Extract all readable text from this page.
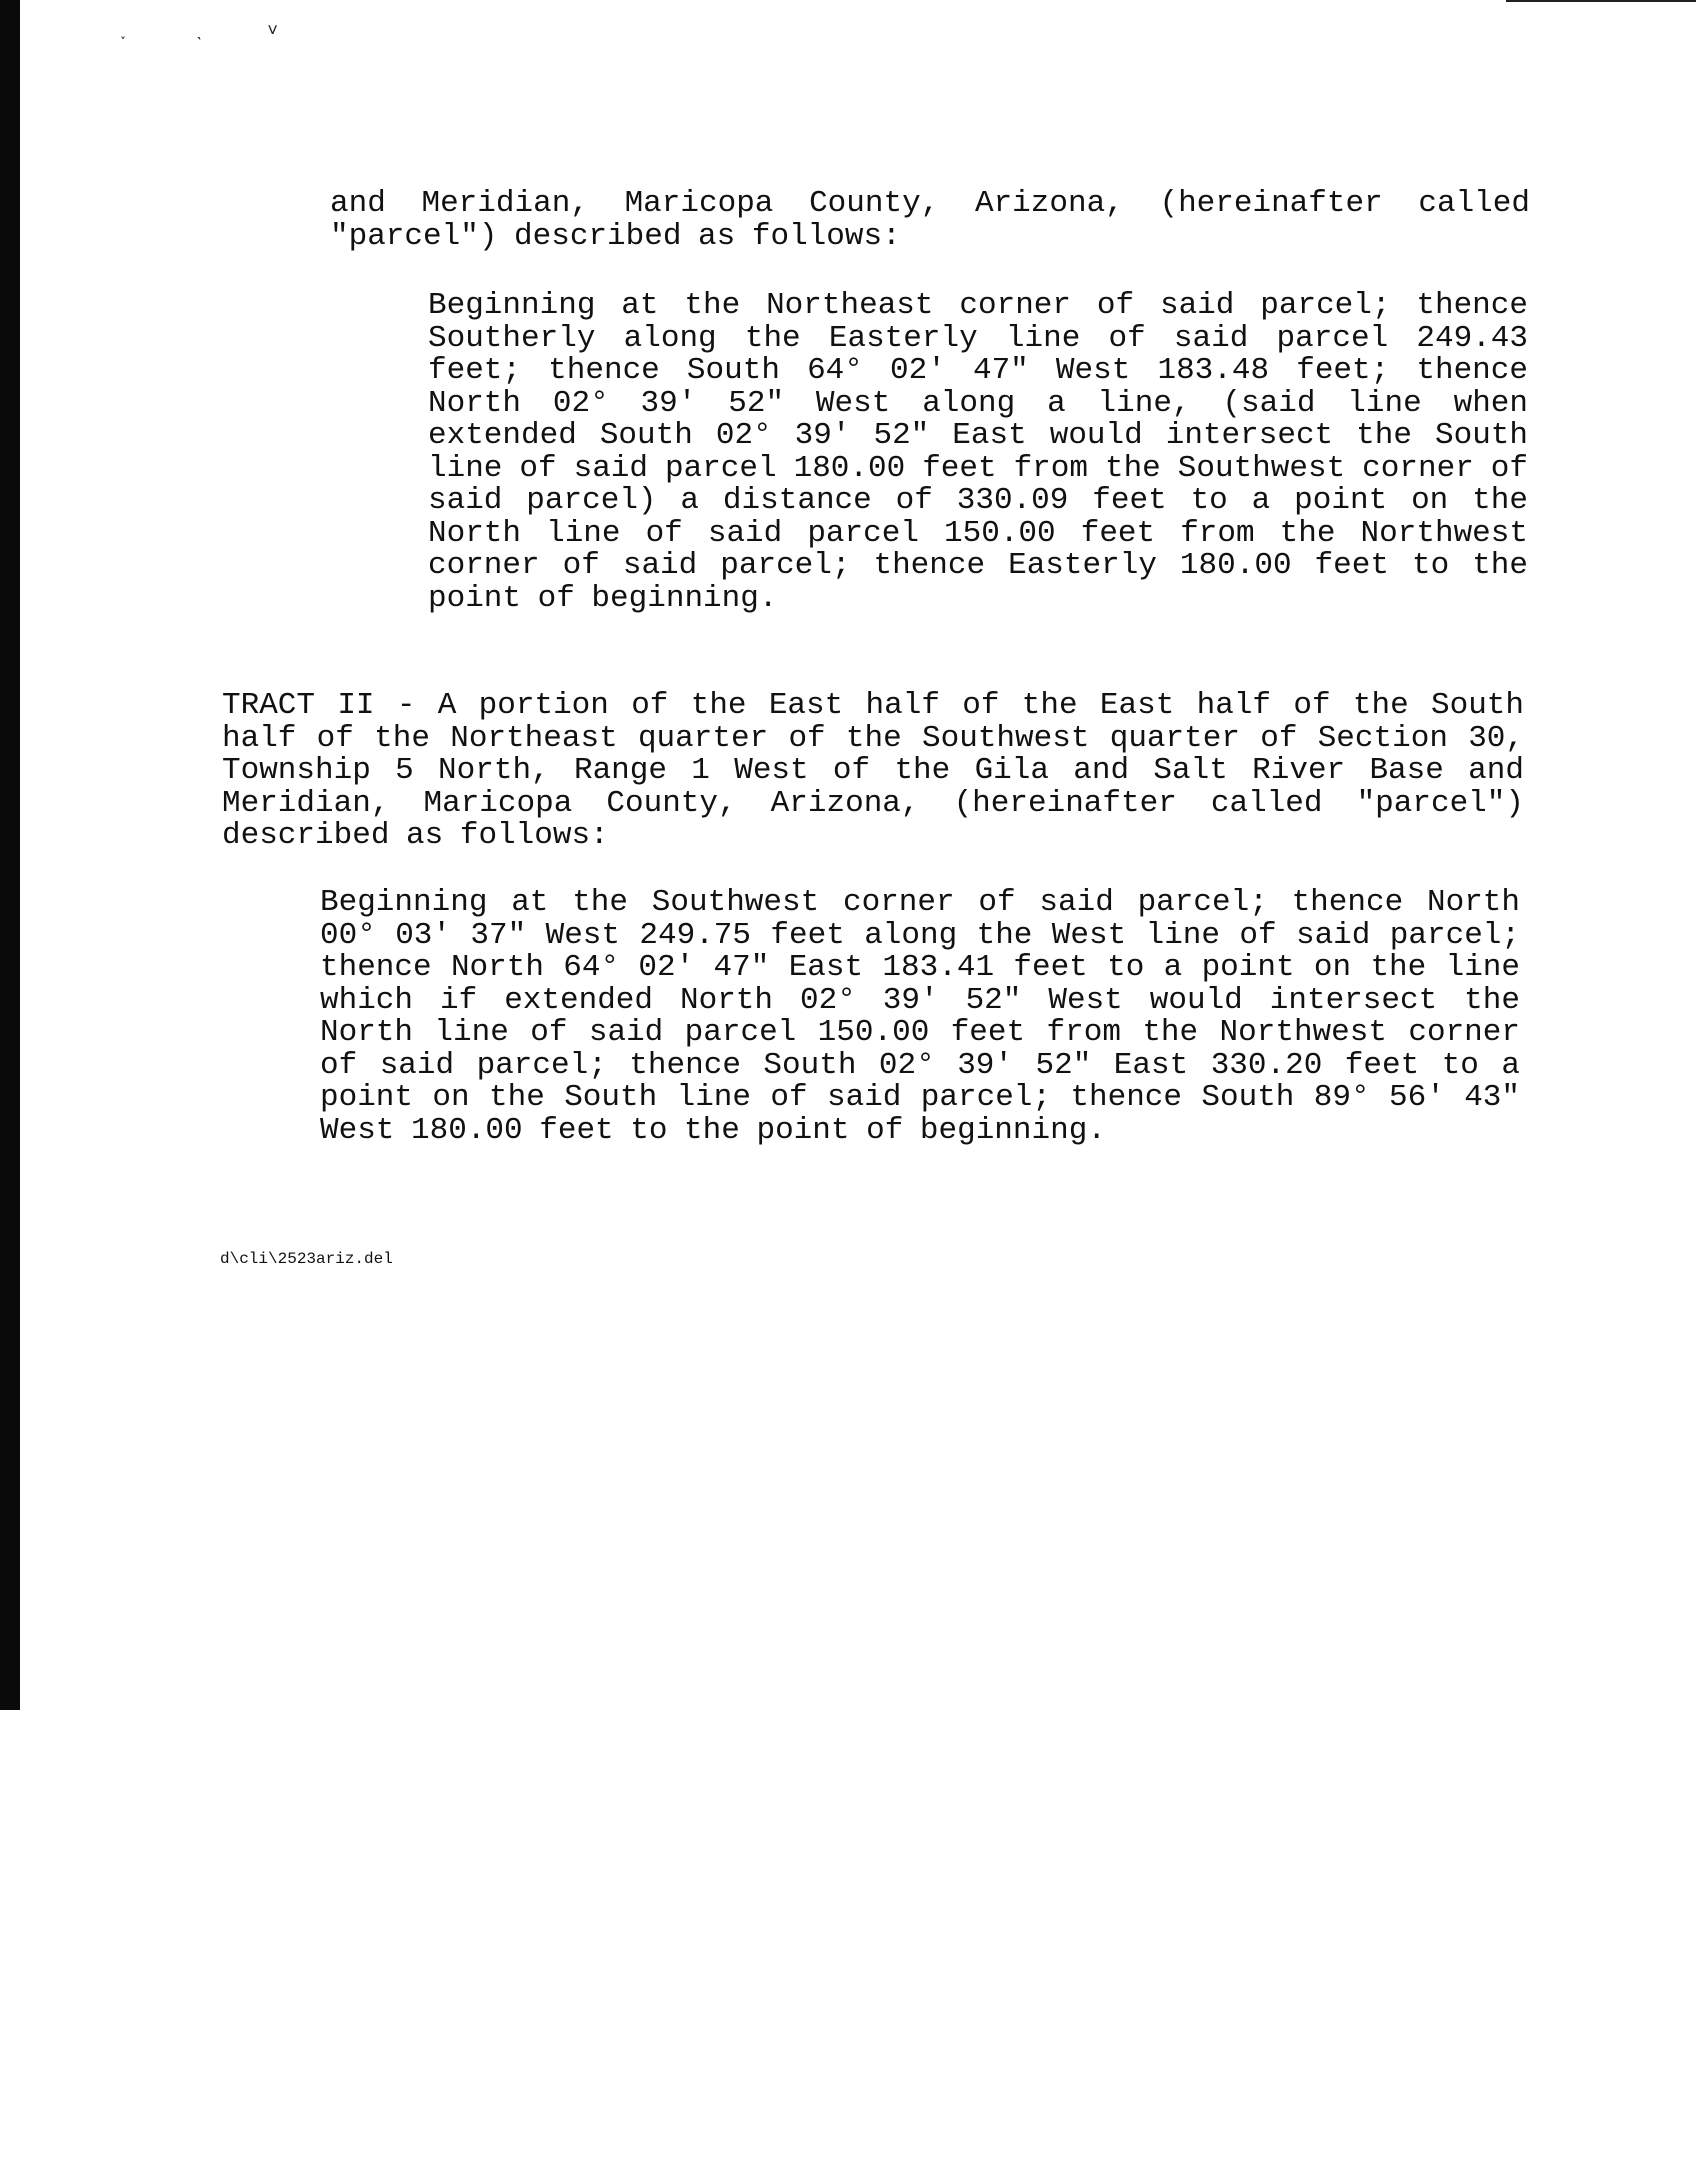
˯ ˎ ˅

and Meridian, Maricopa County, Arizona, (hereinafter called "parcel") described as follows:

Beginning at the Northeast corner of said parcel; thence Southerly along the Easterly line of said parcel 249.43 feet; thence South 64° 02′ 47" West 183.48 feet; thence North 02° 39′ 52" West along a line, (said line when extended South 02° 39′ 52" East would intersect the South line of said parcel 180.00 feet from the Southwest corner of said parcel) a distance of 330.09 feet to a point on the North line of said parcel 150.00 feet from the Northwest corner of said parcel; thence Easterly 180.00 feet to the point of beginning.

TRACT II - A portion of the East half of the East half of the South half of the Northeast quarter of the Southwest quarter of Section 30, Township 5 North, Range 1 West of the Gila and Salt River Base and Meridian, Maricopa County, Arizona, (hereinafter called "parcel") described as follows:

Beginning at the Southwest corner of said parcel; thence North 00° 03′ 37" West 249.75 feet along the West line of said parcel; thence North 64° 02′ 47" East 183.41 feet to a point on the line which if extended North 02° 39′ 52" West would intersect the North line of said parcel 150.00 feet from the Northwest corner of said parcel; thence South 02° 39′ 52" East 330.20 feet to a point on the South line of said parcel; thence South 89° 56′ 43" West 180.00 feet to the point of beginning.

d\cli\2523ariz.del
